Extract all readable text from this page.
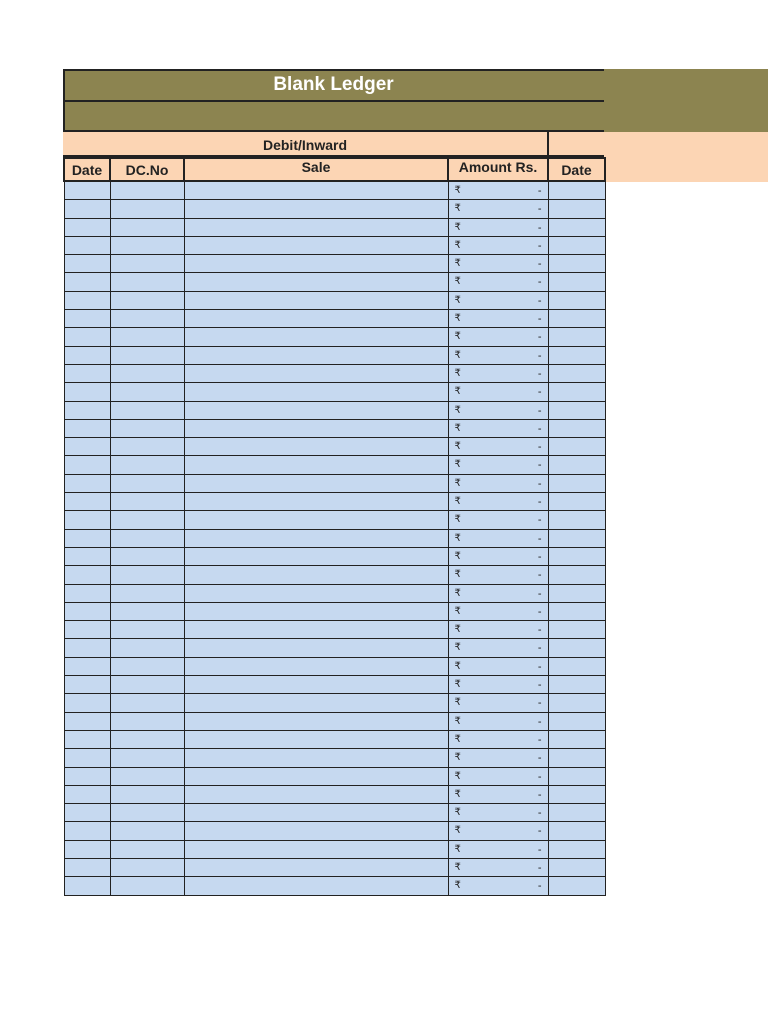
Blank Ledger
Debit/Inward
Date	DC.No	Sale	Amount Rs.	Date

			₹ -	

			₹ -	

			₹ -	

			₹ -	

			₹ -	

			₹ -	

			₹ -	

			₹ -	

			₹ -	

			₹ -	

			₹ -	

			₹ -	

			₹ -	

			₹ -	

			₹ -	

			₹ -	

			₹ -	

			₹ -	

			₹ -	

			₹ -	

			₹ -	

			₹ -	

			₹ -	

			₹ -	

			₹ -	

			₹ -	

			₹ -	

			₹ -	

			₹ -	

			₹ -	

			₹ -	

			₹ -	

			₹ -	

			₹ -	

			₹ -	

			₹ -	

			₹ -	

			₹ -	

			₹ -	
